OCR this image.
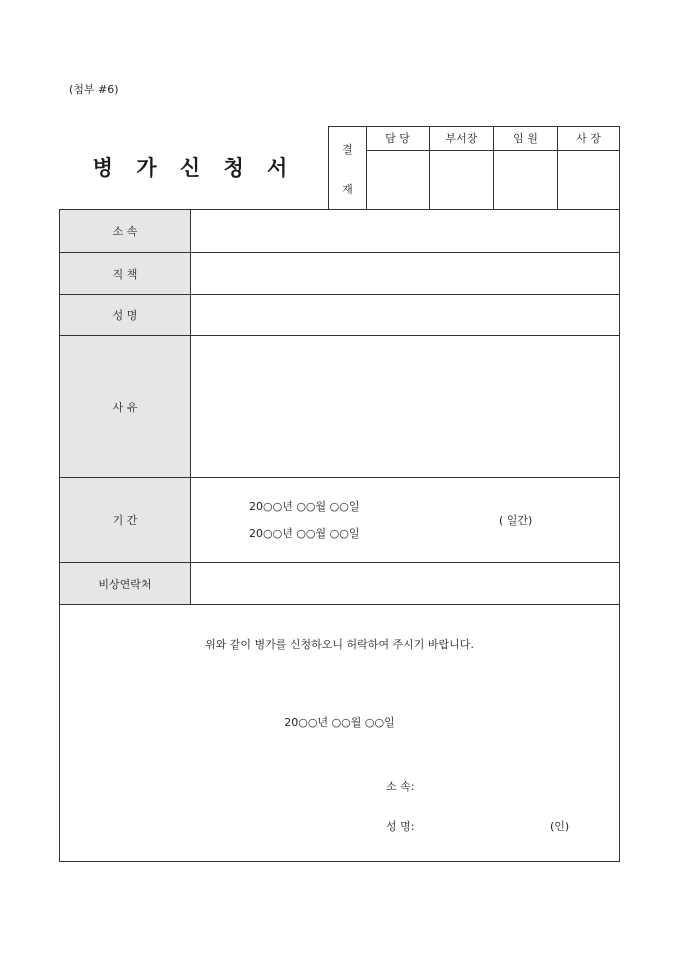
(첨부 #6)
병 가 신 청 서
결
재
담 당	부서장	임 원	사 장
소 속
직 책
성 명
사 유
기 간
20○○년 ○○월 ○○일
20○○년 ○○월 ○○일
( 일간)
비상연락처
위와 같이 병가를 신청하오니 허락하여 주시기 바랍니다.
20○○년 ○○월 ○○일
소 속:
성 명:	(인)
